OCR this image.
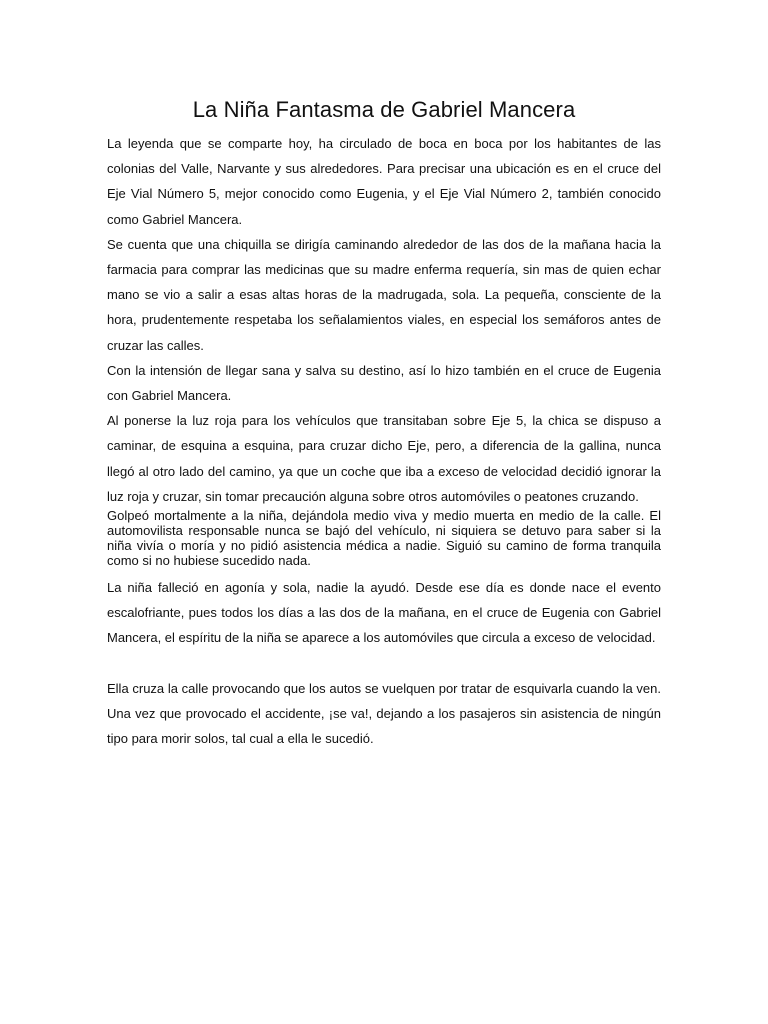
La Niña Fantasma de Gabriel Mancera

La leyenda que se comparte hoy, ha circulado de boca en boca por los habitantes de las colonias del Valle, Narvante y sus alrededores. Para precisar una ubicación es en el cruce del Eje Vial Número 5, mejor conocido como Eugenia, y el Eje Vial Número 2, también conocido como Gabriel Mancera.

Se cuenta que una chiquilla se dirigía caminando alrededor de las dos de la mañana hacia la farmacia para comprar las medicinas que su madre enferma requería, sin mas de quien echar mano se vio a salir a esas altas horas de la madrugada, sola. La pequeña, consciente de la hora, prudentemente respetaba los señalamientos viales, en especial los semáforos antes de cruzar las calles.

Con la intensión de llegar sana y salva su destino, así lo hizo también en el cruce de Eugenia con Gabriel Mancera.

Al ponerse la luz roja para los vehículos que transitaban sobre Eje 5, la chica se dispuso a caminar, de esquina a esquina, para cruzar dicho Eje, pero, a diferencia de la gallina, nunca llegó al otro lado del camino, ya que un coche que iba a exceso de velocidad decidió ignorar la luz roja y cruzar, sin tomar precaución alguna sobre otros automóviles o peatones cruzando.

Golpeó mortalmente a la niña, dejándola medio viva y medio muerta en medio de la calle. El automovilista responsable nunca se bajó del vehículo, ni siquiera se detuvo para saber si la niña vivía o moría y no pidió asistencia médica a nadie. Siguió su camino de forma tranquila como si no hubiese sucedido nada.

La niña falleció en agonía y sola, nadie la ayudó. Desde ese día es donde nace el evento escalofriante, pues todos los días a las dos de la mañana, en el cruce de Eugenia con Gabriel Mancera, el espíritu de la niña se aparece a los automóviles que circula a exceso de velocidad.

Ella cruza la calle provocando que los autos se vuelquen por tratar de esquivarla cuando la ven. Una vez que provocado el accidente, ¡se va!, dejando a los pasajeros sin asistencia de ningún tipo para morir solos, tal cual a ella le sucedió.
